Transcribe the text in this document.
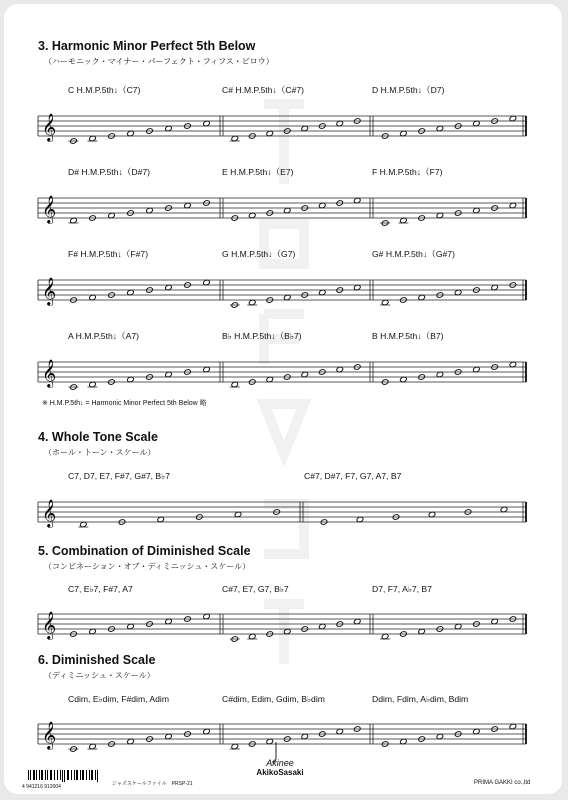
3. Harmonic Minor Perfect 5th Below
（ハーモニック・マイナー・パーフェクト・フィフス・ビロウ）
4. Whole Tone Scale
（ホール・トーン・スケール）
5. Combination of Diminished Scale
（コンビネーション・オブ・ディミニッシュ・スケール）
6. Diminished Scale
（ディミニッシュ・スケール）
C H.M.P.5th↓（C7)	C# H.M.P.5th↓（C#7)	D H.M.P.5th↓（D7)
D# H.M.P.5th↓（D#7)	E H.M.P.5th↓（E7)	F H.M.P.5th↓（F7)
F# H.M.P.5th↓（F#7)	G H.M.P.5th↓（G7)	G# H.M.P.5th↓（G#7)
A H.M.P.5th↓（A7)	B♭ H.M.P.5th↓（B♭7)	B H.M.P.5th↓（B7)
C7, D7, E7, F#7, G#7, B♭7	C#7, D#7, F7, G7, A7, B7
C7, E♭7, F#7, A7	C#7, E7, G7, B♭7	D7, F7, A♭7, B7
Cdim, E♭dim, F#dim, Adim	C#dim, Edim, Gdim, B♭dim	Ddim, Fdim, A♭dim, Bdim
𝄞
𝄞
𝄞
𝄞
𝄞
𝄞
𝄞
※ H.M.P.5th↓ = Harmonic Minor Perfect 5th Below 略
4 941216 913004	ジャズスケールファイル　PRSP-21
Akinee
AkikoSasaki
PRIMA GAKKI co.,ltd
